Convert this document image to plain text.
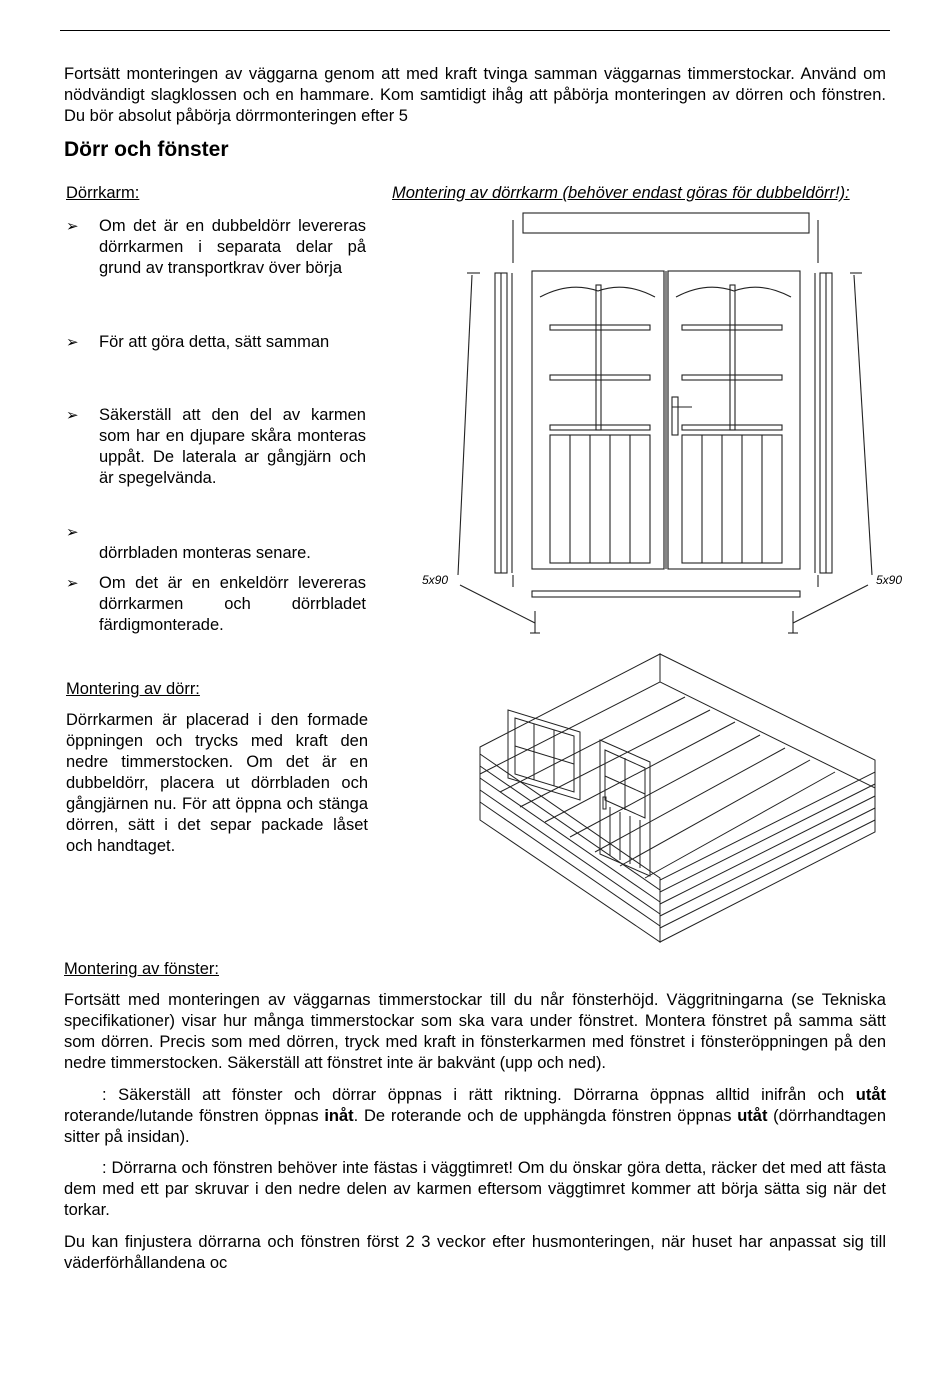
Fortsätt monteringen av väggarna genom att med kraft tvinga samman väggarnas timmerstockar. Använd om nödvändigt slagklossen och en hammare. Kom samtidigt ihåg att påbörja monteringen av dörren och fönstren. Du bör absolut påbörja dörrmonteringen efter 5

Dörr och fönster

Dörrkarm:	Montering av dörrkarm (behöver endast göras för dubbeldörr!):

➢	Om det är en dubbeldörr levereras dörrkarmen i separata delar på grund av transportkrav över börja
➢	För att göra detta, sätt samman
➢	Säkerställ att den del av karmen som har en djupare skåra monteras uppåt. De laterala ar gångjärn och är spegelvända.
➢
dörrbladen monteras senare.
➢	Om det är en enkeldörr levereras dörrkarmen och dörrbladet färdigmonterade.
5x90	5x90

Montering av dörr:

Dörrkarmen är placerad i den formade öppningen och trycks med kraft den nedre timmerstocken. Om det är en dubbeldörr, placera ut dörrbladen och gångjärnen nu. För att öppna och stänga dörren, sätt i det separ packade låset och handtaget.

Montering av fönster:

Fortsätt med monteringen av väggarnas timmerstockar till du når fönsterhöjd. Väggritningarna (se Tekniska specifikationer) visar hur många timmerstockar som ska vara under fönstret. Montera fönstret på samma sätt som dörren. Precis som med dörren, tryck med kraft in fönsterkarmen med fönstret i fönsteröppningen på den nedre timmerstocken. Säkerställ att fönstret inte är bakvänt (upp och ned).

: Säkerställ att fönster och dörrar öppnas i rätt riktning. Dörrarna öppnas alltid inifrån och utåt roterande/lutande fönstren öppnas inåt. De roterande och de upphängda fönstren öppnas utåt (dörrhandtagen sitter på insidan).

: Dörrarna och fönstren behöver inte fästas i väggtimret! Om du önskar göra detta, räcker det med att fästa dem med ett par skruvar i den nedre delen av karmen eftersom väggtimret kommer att börja sätta sig när det torkar.

Du kan finjustera dörrarna och fönstren först 2 3 veckor efter husmonteringen, när huset har anpassat sig till väderförhållandena oc
